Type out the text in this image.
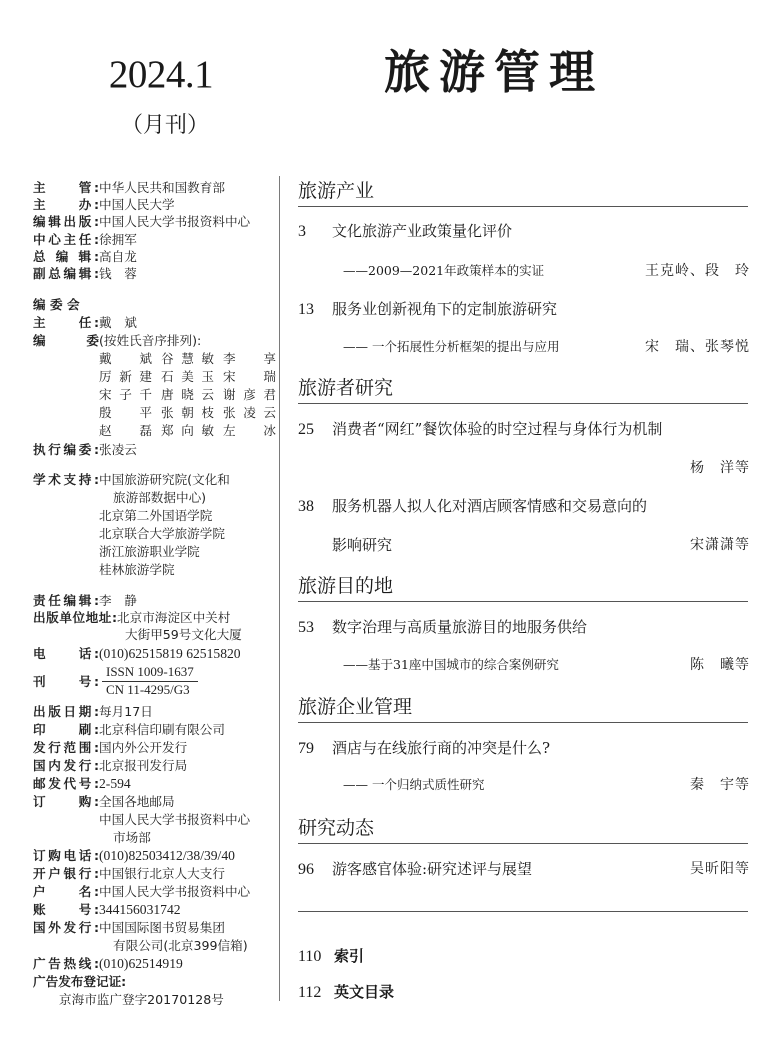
2024.1
（月刊）
旅游管理
主　　管:中华人民共和国教育部
主　　办:中国人民大学
编辑出版:中国人民大学书报资料中心
中心主任:徐拥军
总 编 辑:高自龙
副总编辑:钱　蓉
编 委 会
主　　任:戴　斌
编　　委(按姓氏音序排列):
戴　斌 谷慧敏 李　享
厉新建 石美玉 宋　瑞
宋子千 唐晓云 谢彦君
殷　平 张朝枝 张凌云
赵　磊 郑向敏 左　冰
执行编委:张凌云
学术支持:中国旅游研究院(文化和
旅游部数据中心)
北京第二外国语学院
北京联合大学旅游学院
浙江旅游职业学院
桂林旅游学院
责任编辑:李　静
出版单位地址:北京市海淀区中关村
大街甲59号文化大厦
电　　话:(010)62515819 62515820
刊　　号:
ISSN 1009-1637
CN 11-4295/G3
出版日期:每月17日
印　　刷:北京科信印刷有限公司
发行范围:国内外公开发行
国内发行:北京报刊发行局
邮发代号:2-594
订　　购:全国各地邮局
中国人民大学书报资料中心
市场部
订购电话:(010)82503412/38/39/40
开户银行:中国银行北京人大支行
户　　名:中国人民大学书报资料中心
账　　号:344156031742
国外发行:中国国际图书贸易集团
有限公司(北京399信箱)
广告热线:(010)62514919
广告发布登记证:
京海市监广登字20170128号
旅游产业
3 文化旅游产业政策量化评价
——2009—2021年政策样本的实证	王克岭、段　玲
13 服务业创新视角下的定制旅游研究
—— 一个拓展性分析框架的提出与应用	宋　瑞、张琴悦
旅游者研究
25 消费者“网红”餐饮体验的时空过程与身体行为机制
杨　洋等
38 服务机器人拟人化对酒店顾客情感和交易意向的
影响研究	宋潇潇等
旅游目的地
53 数字治理与高质量旅游目的地服务供给
——基于31座中国城市的综合案例研究	陈　曦等
旅游企业管理
79 酒店与在线旅行商的冲突是什么?
—— 一个归纳式质性研究	秦　宇等
研究动态
96 游客感官体验:研究述评与展望	吴昕阳等
110 索引
112 英文目录
